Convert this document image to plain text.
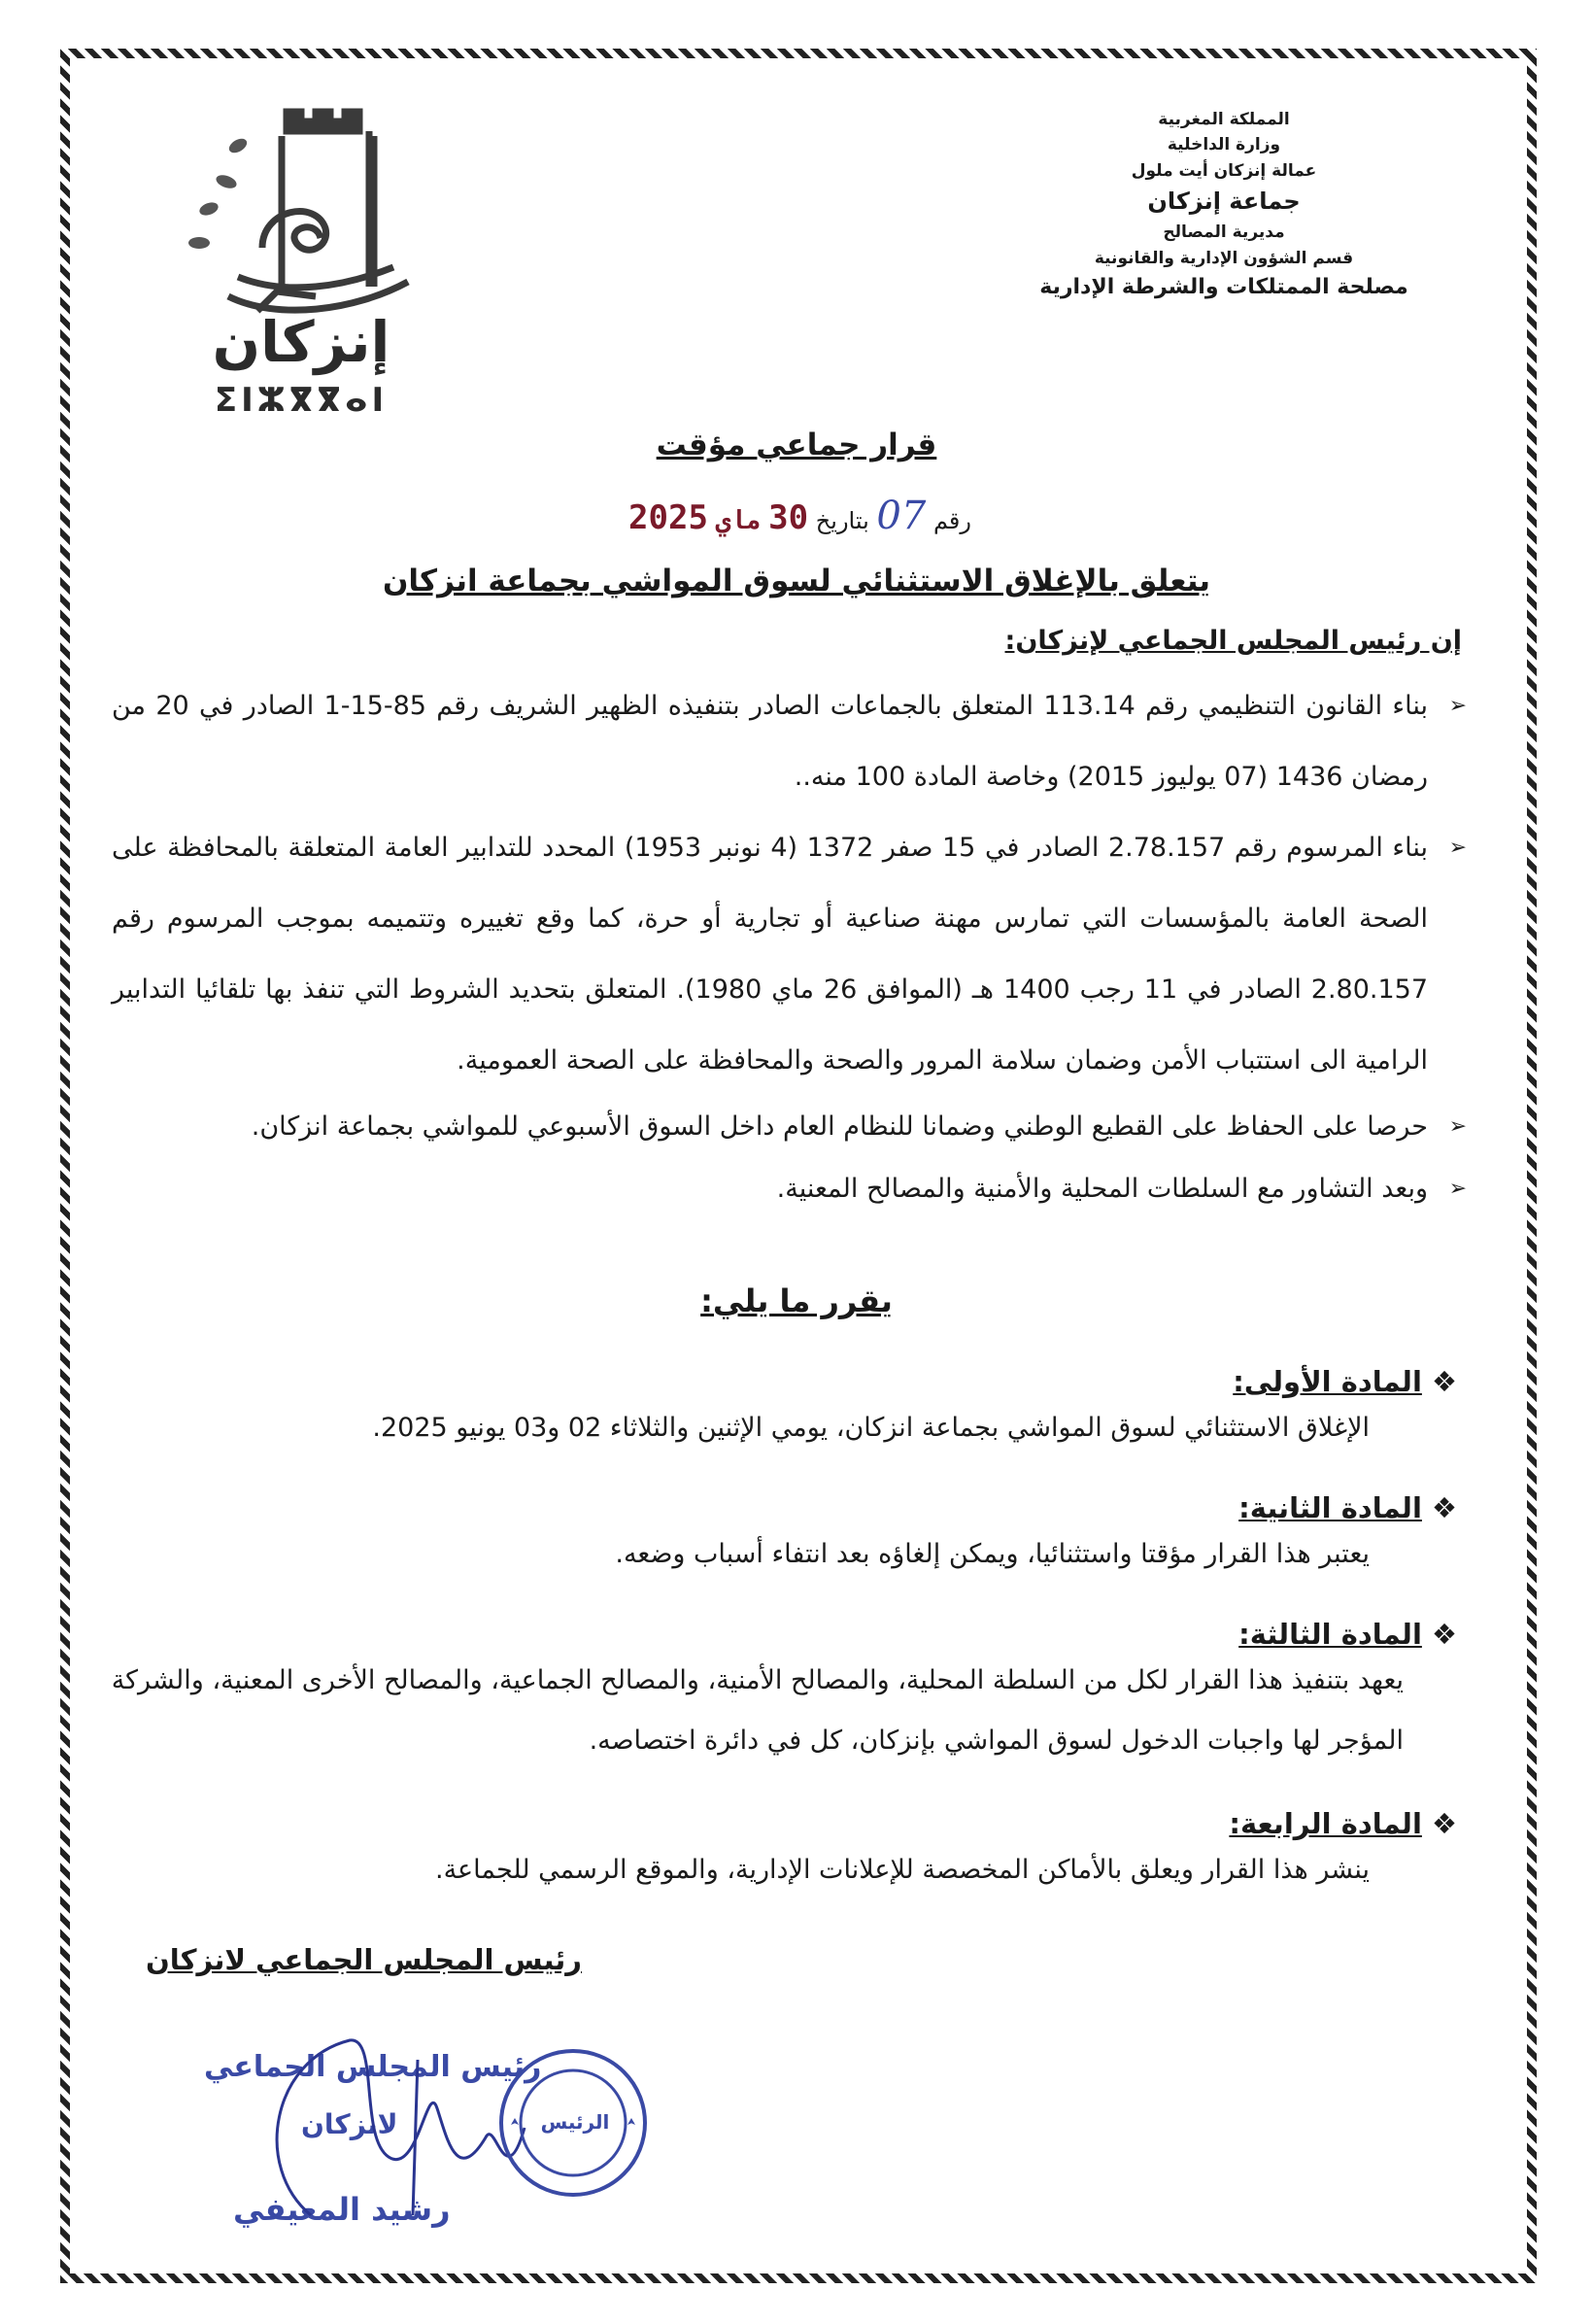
المملكة المغربية
وزارة الداخلية
عمالة إنزكان أيت ملول
جماعة إنزكان
مديرية المصالح
قسم الشؤون الإدارية والقانونية
مصلحة الممتلكات والشرطة الإدارية
إنزكان
ⵉⵏⵣⴳⴳⴰⵏ
قرار جماعي مؤقت
رقم 07 بتاريخ 30 ماي 2025
يتعلق بالإغلاق الاستثنائي لسوق المواشي بجماعة انزكان
إن رئيس المجلس الجماعي لإنزكان:
➢
بناء القانون التنظيمي رقم 113.14 المتعلق بالجماعات الصادر بتنفيذه الظهير الشريف رقم 85-15-1 الصادر في 20 من رمضان 1436 (07 يوليوز 2015) وخاصة المادة 100 منه..
➢
بناء المرسوم رقم 2.78.157 الصادر في 15 صفر 1372 (4 نونبر 1953) المحدد للتدابير العامة المتعلقة بالمحافظة على الصحة العامة بالمؤسسات التي تمارس مهنة صناعية أو تجارية أو حرة، كما وقع تغييره وتتميمه بموجب المرسوم رقم 2.80.157 الصادر في 11 رجب 1400 هـ (الموافق 26 ماي 1980). المتعلق بتحديد الشروط التي تنفذ بها تلقائيا التدابير الرامية الى استتباب الأمن وضمان سلامة المرور والصحة والمحافظة على الصحة العمومية.
➢
حرصا على الحفاظ على القطيع الوطني وضمانا للنظام العام داخل السوق الأسبوعي للمواشي بجماعة انزكان.
➢
وبعد التشاور مع السلطات المحلية والأمنية والمصالح المعنية.
يقرر ما يلي:
❖ المادة الأولى:
الإغلاق الاستثنائي لسوق المواشي بجماعة انزكان، يومي الإثنين والثلاثاء 02 و03 يونيو 2025.
❖ المادة الثانية:
يعتبر هذا القرار مؤقتا واستثنائيا، ويمكن إلغاؤه بعد انتفاء أسباب وضعه.
❖ المادة الثالثة:
يعهد بتنفيذ هذا القرار لكل من السلطة المحلية، والمصالح الأمنية، والمصالح الجماعية، والمصالح الأخرى المعنية، والشركة المؤجر لها واجبات الدخول لسوق المواشي بإنزكان، كل في دائرة اختصاصه.
❖ المادة الرابعة:
ينشر هذا القرار ويعلق بالأماكن المخصصة للإعلانات الإدارية، والموقع الرسمي للجماعة.
رئيس المجلس الجماعي لانزكان
رئيس المجلس الجماعي
لانزكان
رشيد المعيفي
الرئيس
